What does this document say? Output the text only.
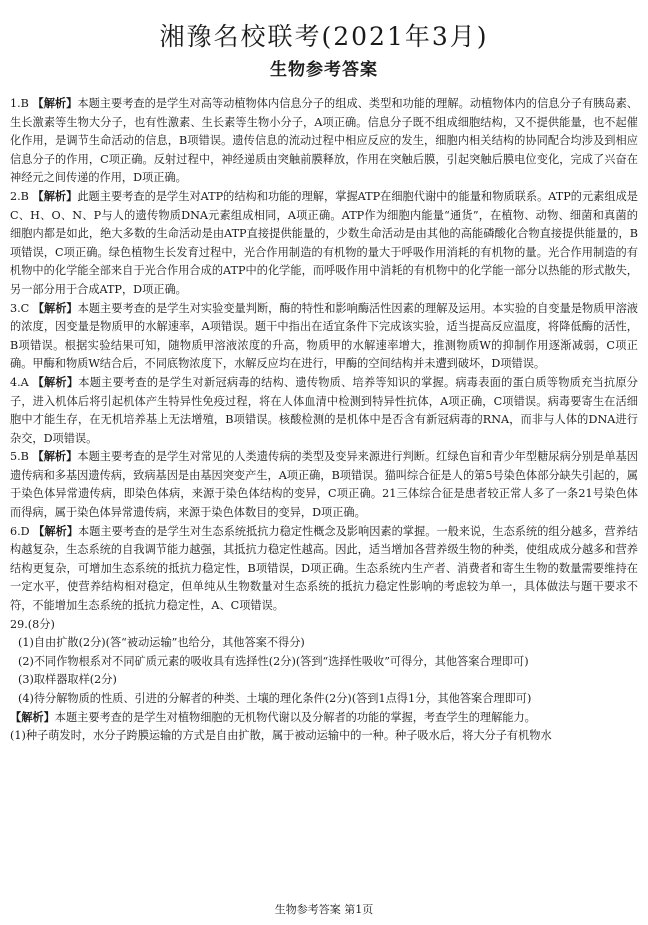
湘豫名校联考(2021年3月)
生物参考答案

1.B 【解析】本题主要考查的是学生对高等动植物体内信息分子的组成、类型和功能的理解。动植物体内的信息分子有胰岛素、生长激素等生物大分子，也有性激素、生长素等生物小分子，A项正确。信息分子既不组成细胞结构，又不提供能量，也不起催化作用，是调节生命活动的信息，B项错误。遗传信息的流动过程中相应反应的发生，细胞内相关结构的协同配合均涉及到相应信息分子的作用，C项正确。反射过程中，神经递质由突触前膜释放，作用在突触后膜，引起突触后膜电位变化，完成了兴奋在神经元之间传递的作用，D项正确。

2.B 【解析】此题主要考查的是学生对ATP的结构和功能的理解，掌握ATP在细胞代谢中的能量和物质联系。ATP的元素组成是C、H、O、N、P与人的遗传物质DNA元素组成相同，A项正确。ATP作为细胞内能量“通货”，在植物、动物、细菌和真菌的细胞内都是如此，绝大多数的生命活动是由ATP直接提供能量的，少数生命活动是由其他的高能磷酸化合物直接提供能量的，B项错误，C项正确。绿色植物生长发育过程中，光合作用制造的有机物的量大于呼吸作用消耗的有机物的量。光合作用制造的有机物中的化学能全部来自于光合作用合成的ATP中的化学能，而呼吸作用中消耗的有机物中的化学能一部分以热能的形式散失，另一部分用于合成ATP，D项正确。

3.C 【解析】本题主要考查的是学生对实验变量判断，酶的特性和影响酶活性因素的理解及运用。本实验的自变量是物质甲溶液的浓度，因变量是物质甲的水解速率，A项错误。题干中指出在适宜条件下完成该实验，适当提高反应温度，将降低酶的活性，B项错误。根据实验结果可知，随物质甲溶液浓度的升高，物质甲的水解速率增大，推测物质W的抑制作用逐渐减弱，C项正确。甲酶和物质W结合后，不同底物浓度下，水解反应均在进行，甲酶的空间结构并未遭到破坏，D项错误。

4.A 【解析】本题主要考查的是学生对新冠病毒的结构、遗传物质、培养等知识的掌握。病毒表面的蛋白质等物质充当抗原分子，进入机体后将引起机体产生特异性免疫过程，将在人体血清中检测到特异性抗体，A项正确，C项错误。病毒要寄生在活细胞中才能生存，在无机培养基上无法增殖，B项错误。核酸检测的是机体中是否含有新冠病毒的RNA，而非与人体的DNA进行杂交，D项错误。

5.B 【解析】本题主要考查的是学生对常见的人类遗传病的类型及变异来源进行判断。红绿色盲和青少年型糖尿病分别是单基因遗传病和多基因遗传病，致病基因是由基因突变产生，A项正确，B项错误。猫叫综合征是人的第5号染色体部分缺失引起的，属于染色体异常遗传病，即染色体病，来源于染色体结构的变异，C项正确。21三体综合征是患者较正常人多了一条21号染色体而得病，属于染色体异常遗传病，来源于染色体数目的变异，D项正确。

6.D 【解析】本题主要考查的是学生对生态系统抵抗力稳定性概念及影响因素的掌握。一般来说，生态系统的组分越多，营养结构越复杂，生态系统的自我调节能力越强，其抵抗力稳定性越高。因此，适当增加各营养级生物的种类，使组成成分越多和营养结构更复杂，可增加生态系统的抵抗力稳定性，B项错误，D项正确。生态系统内生产者、消费者和寄生生物的数量需要维持在一定水平，使营养结构相对稳定，但单纯从生物数量对生态系统的抵抗力稳定性影响的考虑较为单一，具体做法与题干要求不符，不能增加生态系统的抵抗力稳定性，A、C项错误。

29.(8分)

(1)自由扩散(2分)(答“被动运输”也给分，其他答案不得分)

(2)不同作物根系对不同矿质元素的吸收具有选择性(2分)(答到“选择性吸收”可得分，其他答案合理即可)

(3)取样器取样(2分)

(4)待分解物质的性质、引进的分解者的种类、土壤的理化条件(2分)(答到1点得1分，其他答案合理即可)

【解析】本题主要考查的是学生对植物细胞的无机物代谢以及分解者的功能的掌握，考查学生的理解能力。

(1)种子萌发时，水分子跨膜运输的方式是自由扩散，属于被动运输中的一种。种子吸水后，将大分子有机物水

生物参考答案 第1页
